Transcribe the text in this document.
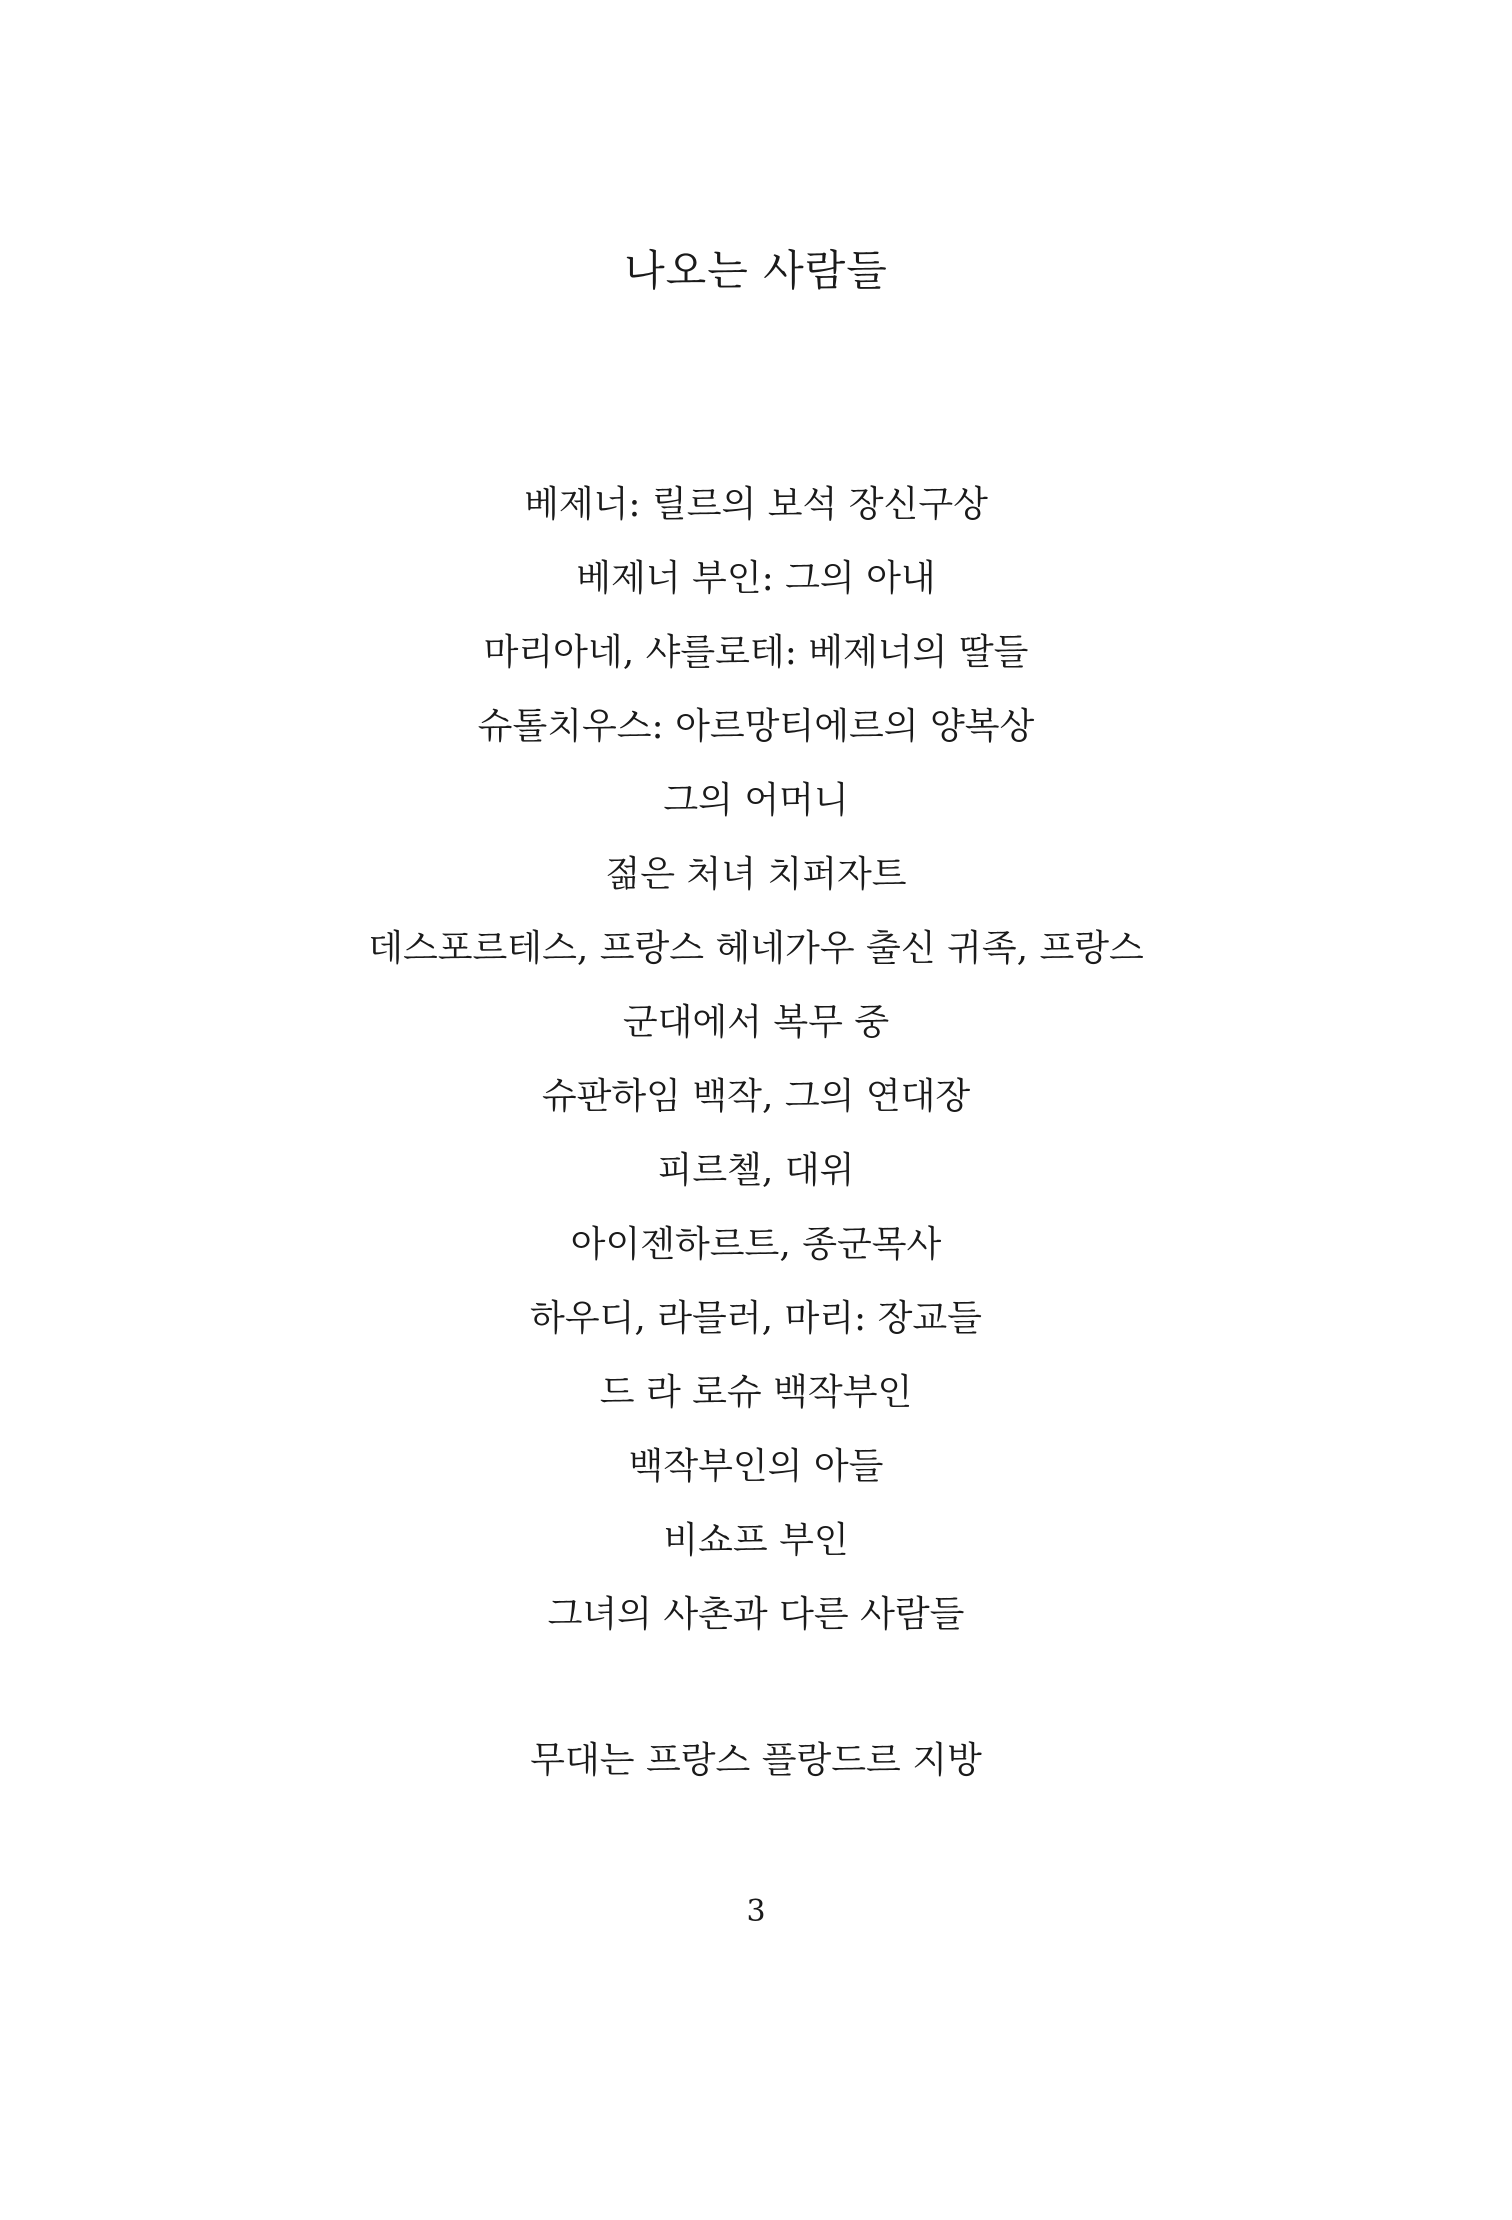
나오는 사람들
베제너: 릴르의 보석 장신구상
베제너 부인: 그의 아내
마리아네, 샤를로테: 베제너의 딸들
슈톨치우스: 아르망티에르의 양복상
그의 어머니
젊은 처녀 치퍼자트
데스포르테스, 프랑스 헤네가우 출신 귀족, 프랑스
군대에서 복무 중
슈판하임 백작, 그의 연대장
피르첼, 대위
아이젠하르트, 종군목사
하우디, 라믈러, 마리: 장교들
드 라 로슈 백작부인
백작부인의 아들
비쇼프 부인
그녀의 사촌과 다른 사람들
무대는 프랑스 플랑드르 지방
3
